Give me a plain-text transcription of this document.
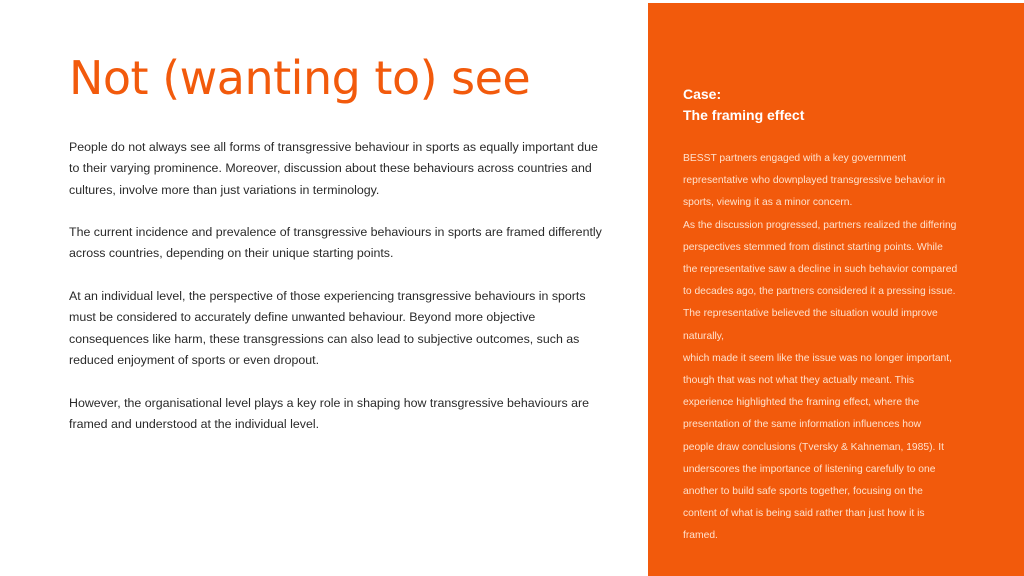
Not (wanting to) see

People do not always see all forms of transgressive behaviour in sports as equally important due to their varying prominence. Moreover, discussion about these behaviours across countries and cultures, involve more than just variations in terminology.

The current incidence and prevalence of transgressive behaviours in sports are framed differently across countries, depending on their unique starting points.

At an individual level, the perspective of those experiencing transgressive behaviours in sports must be considered to accurately define unwanted behaviour. Beyond more objective consequences like harm, these transgressions can also lead to subjective outcomes, such as reduced enjoyment of sports or even dropout.

However, the organisational level plays a key role in shaping how transgressive behaviours are framed and understood at the individual level.

Case:
The framing effect
BESST partners engaged with a key government
representative who downplayed transgressive behavior in
sports, viewing it as a minor concern.
As the discussion progressed, partners realized the differing
perspectives stemmed from distinct starting points. While
the representative saw a decline in such behavior compared
to decades ago, the partners considered it a pressing issue.
The representative believed the situation would improve
naturally,
which made it seem like the issue was no longer important,
though that was not what they actually meant. This
experience highlighted the framing effect, where the
presentation of the same information influences how
people draw conclusions (Tversky & Kahneman, 1985). It
underscores the importance of listening carefully to one
another to build safe sports together, focusing on the
content of what is being said rather than just how it is
framed.
